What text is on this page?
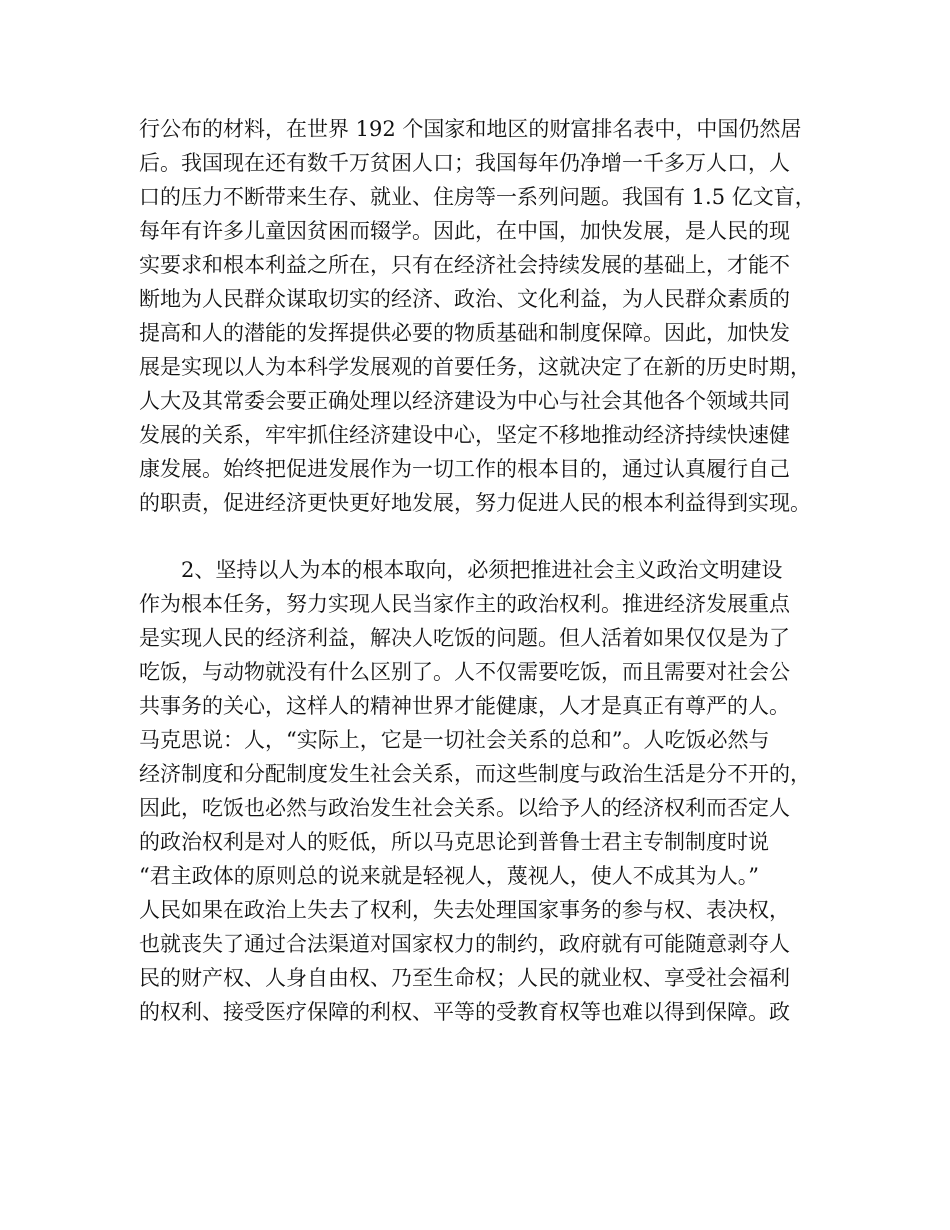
行公布的材料，在世界 192 个国家和地区的财富排名表中，中国仍然居
后。我国现在还有数千万贫困人口；我国每年仍净增一千多万人口，人
口的压力不断带来生存、就业、住房等一系列问题。我国有 1.5 亿文盲，
每年有许多儿童因贫困而辍学。因此，在中国，加快发展，是人民的现
实要求和根本利益之所在，只有在经济社会持续发展的基础上，才能不
断地为人民群众谋取切实的经济、政治、文化利益，为人民群众素质的
提高和人的潜能的发挥提供必要的物质基础和制度保障。因此，加快发
展是实现以人为本科学发展观的首要任务，这就决定了在新的历史时期，
人大及其常委会要正确处理以经济建设为中心与社会其他各个领域共同
发展的关系，牢牢抓住经济建设中心，坚定不移地推动经济持续快速健
康发展。始终把促进发展作为一切工作的根本目的，通过认真履行自己
的职责，促进经济更快更好地发展，努力促进人民的根本利益得到实现。
2、坚持以人为本的根本取向，必须把推进社会主义政治文明建设
作为根本任务，努力实现人民当家作主的政治权利。推进经济发展重点
是实现人民的经济利益，解决人吃饭的问题。但人活着如果仅仅是为了
吃饭，与动物就没有什么区别了。人不仅需要吃饭，而且需要对社会公
共事务的关心，这样人的精神世界才能健康，人才是真正有尊严的人。
马克思说：人，“实际上，它是一切社会关系的总和”。人吃饭必然与
经济制度和分配制度发生社会关系，而这些制度与政治生活是分不开的，
因此，吃饭也必然与政治发生社会关系。以给予人的经济权利而否定人
的政治权利是对人的贬低，所以马克思论到普鲁士君主专制制度时说
“君主政体的原则总的说来就是轻视人，蔑视人，使人不成其为人。”
人民如果在政治上失去了权利，失去处理国家事务的参与权、表决权，
也就丧失了通过合法渠道对国家权力的制约，政府就有可能随意剥夺人
民的财产权、人身自由权、乃至生命权；人民的就业权、享受社会福利
的权利、接受医疗保障的利权、平等的受教育权等也难以得到保障。政
